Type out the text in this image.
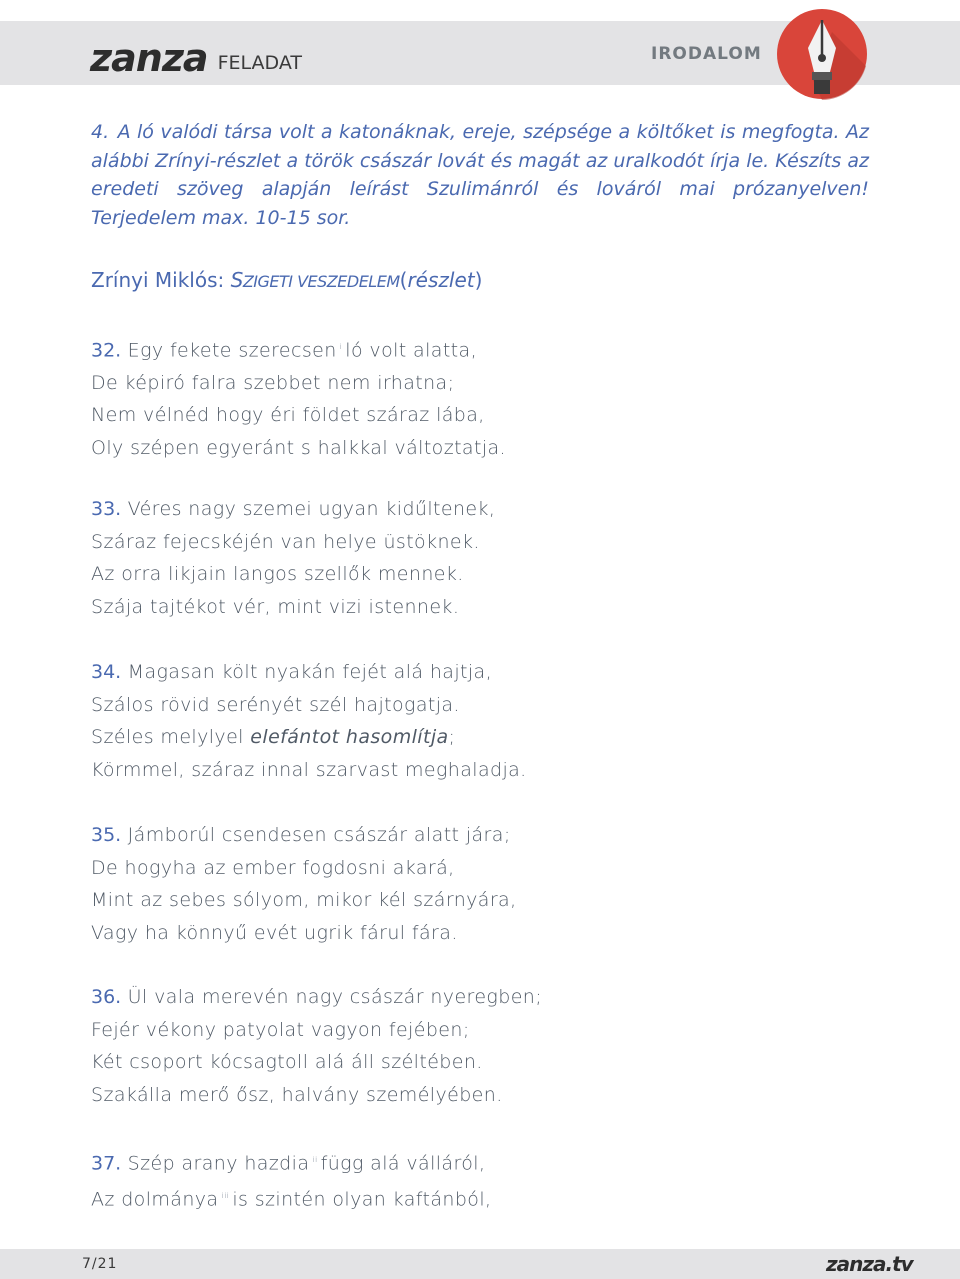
zanza FELADAT	IRODALOM

4. A ló valódi társa volt a katonáknak, ereje, szépsége a költőket is megfogta. Az alábbi Zrínyi-részlet a török császár lovát és magát az uralkodót írja le. Készíts az eredeti szöveg alapján leírást Szulimánról és lováról mai prózanyelven! Terjedelem max. 10-15 sor.

Zrínyi Miklós: SZIGETI VESZEDELEM(részlet)
32. Egy fekete szerecsen $^i$ ló volt alatta,
De képiró falra szebbet nem irhatna;
Nem vélnéd hogy éri földet száraz lába,
Oly szépen egyeránt s halkkal változtatja.
33. Véres nagy szemei ugyan kidűltenek,
Száraz fejecskéjén van helye üstöknek.
Az orra likjain langos szellők mennek.
Szája tajtékot vér, mint vizi istennek.
34. Magasan költ nyakán fejét alá hajtja,
Szálos rövid serényét szél hajtogatja.
Széles melylyel elefántot hasomlítja;
Körmmel, száraz innal szarvast meghaladja.
35. Jámborúl csendesen császár alatt jára;
De hogyha az ember fogdosni akará,
Mint az sebes sólyom, mikor kél szárnyára,
Vagy ha könnyű evét ugrik fárul fára.
36. Ül vala merevén nagy császár nyeregben;
Fejér vékony patyolat vagyon fejében;
Két csoport kócsagtoll alá áll széltében.
Szakálla merő ősz, halvány személyében.
37. Szép arany hazdia $^{ii}$ függ alá válláról,
Az dolmánya $^{iii}$ is szintén olyan kaftánból,
7/21	zanza.tv
